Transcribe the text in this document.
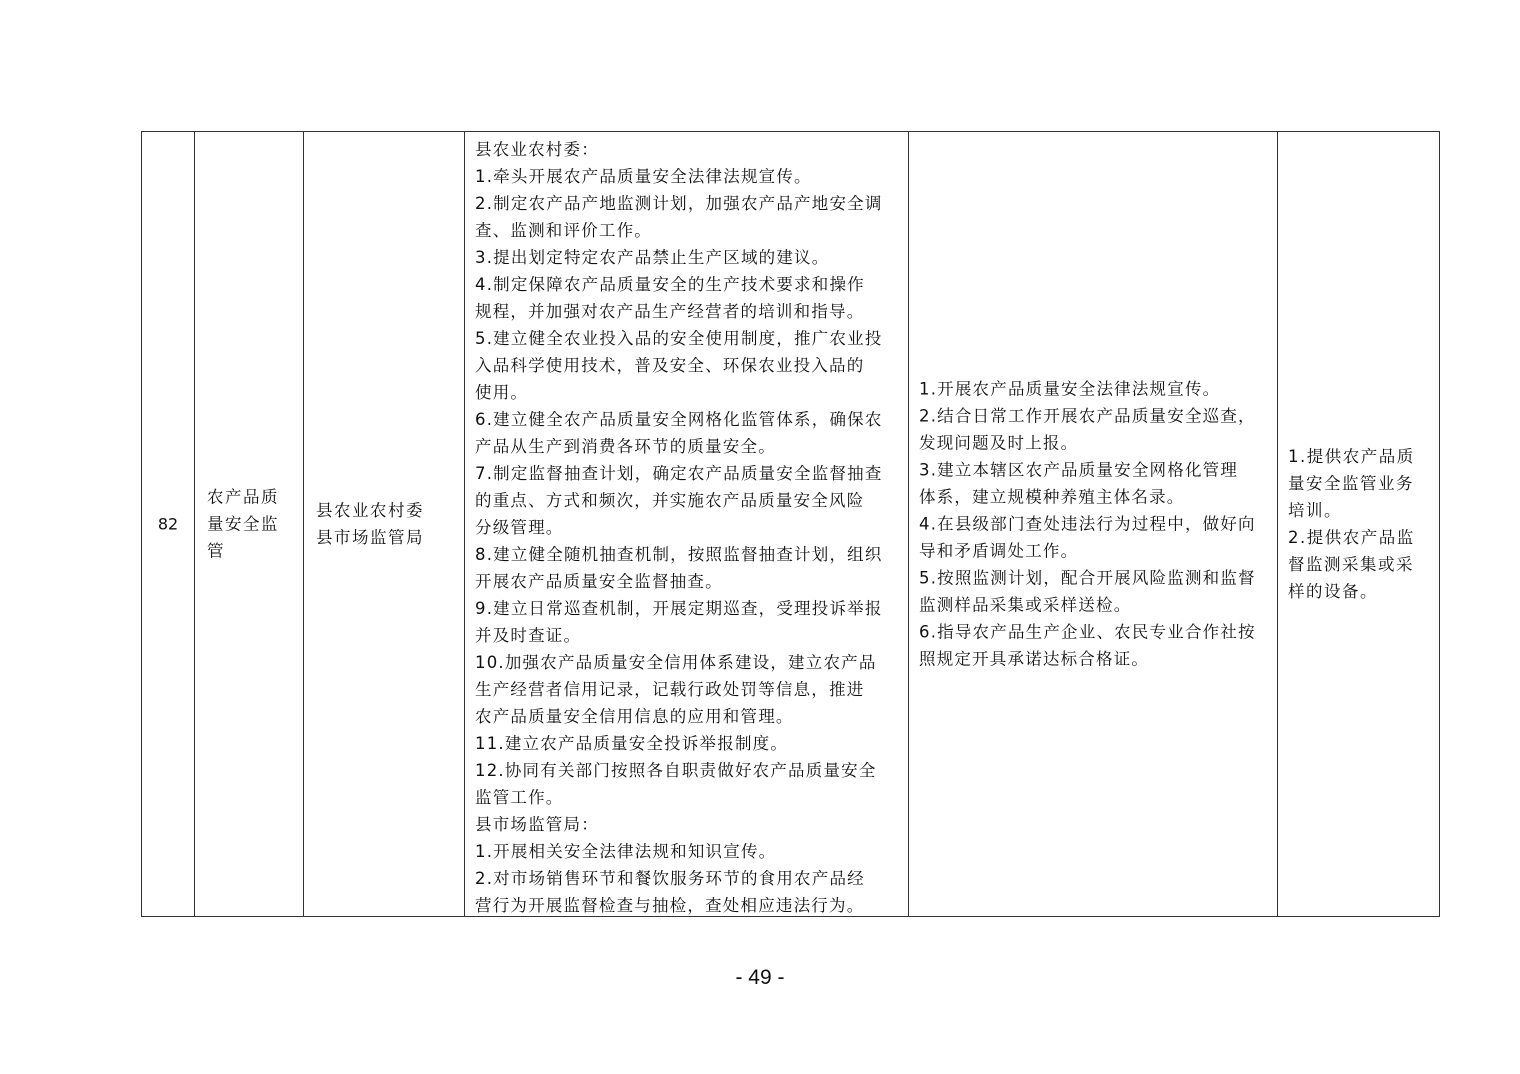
82
农产品质
量安全监
管
县农业农村委
县市场监管局
县农业农村委：
1.牵头开展农产品质量安全法律法规宣传。
2.制定农产品产地监测计划，加强农产品产地安全调
查、监测和评价工作。
3.提出划定特定农产品禁止生产区域的建议。
4.制定保障农产品质量安全的生产技术要求和操作
规程，并加强对农产品生产经营者的培训和指导。
5.建立健全农业投入品的安全使用制度，推广农业投
入品科学使用技术，普及安全、环保农业投入品的
使用。
6.建立健全农产品质量安全网格化监管体系，确保农
产品从生产到消费各环节的质量安全。
7.制定监督抽查计划，确定农产品质量安全监督抽查
的重点、方式和频次，并实施农产品质量安全风险
分级管理。
8.建立健全随机抽查机制，按照监督抽查计划，组织
开展农产品质量安全监督抽查。
9.建立日常巡查机制，开展定期巡查，受理投诉举报
并及时查证。
10.加强农产品质量安全信用体系建设，建立农产品
生产经营者信用记录，记载行政处罚等信息，推进
农产品质量安全信用信息的应用和管理。
11.建立农产品质量安全投诉举报制度。
12.协同有关部门按照各自职责做好农产品质量安全
监管工作。
县市场监管局：
1.开展相关安全法律法规和知识宣传。
2.对市场销售环节和餐饮服务环节的食用农产品经
营行为开展监督检查与抽检，查处相应违法行为。
1.开展农产品质量安全法律法规宣传。
2.结合日常工作开展农产品质量安全巡查，
发现问题及时上报。
3.建立本辖区农产品质量安全网格化管理
体系，建立规模种养殖主体名录。
4.在县级部门查处违法行为过程中，做好向
导和矛盾调处工作。
5.按照监测计划，配合开展风险监测和监督
监测样品采集或采样送检。
6.指导农产品生产企业、农民专业合作社按
照规定开具承诺达标合格证。
1.提供农产品质
量安全监管业务
培训。
2.提供农产品监
督监测采集或采
样的设备。
- 49 -
